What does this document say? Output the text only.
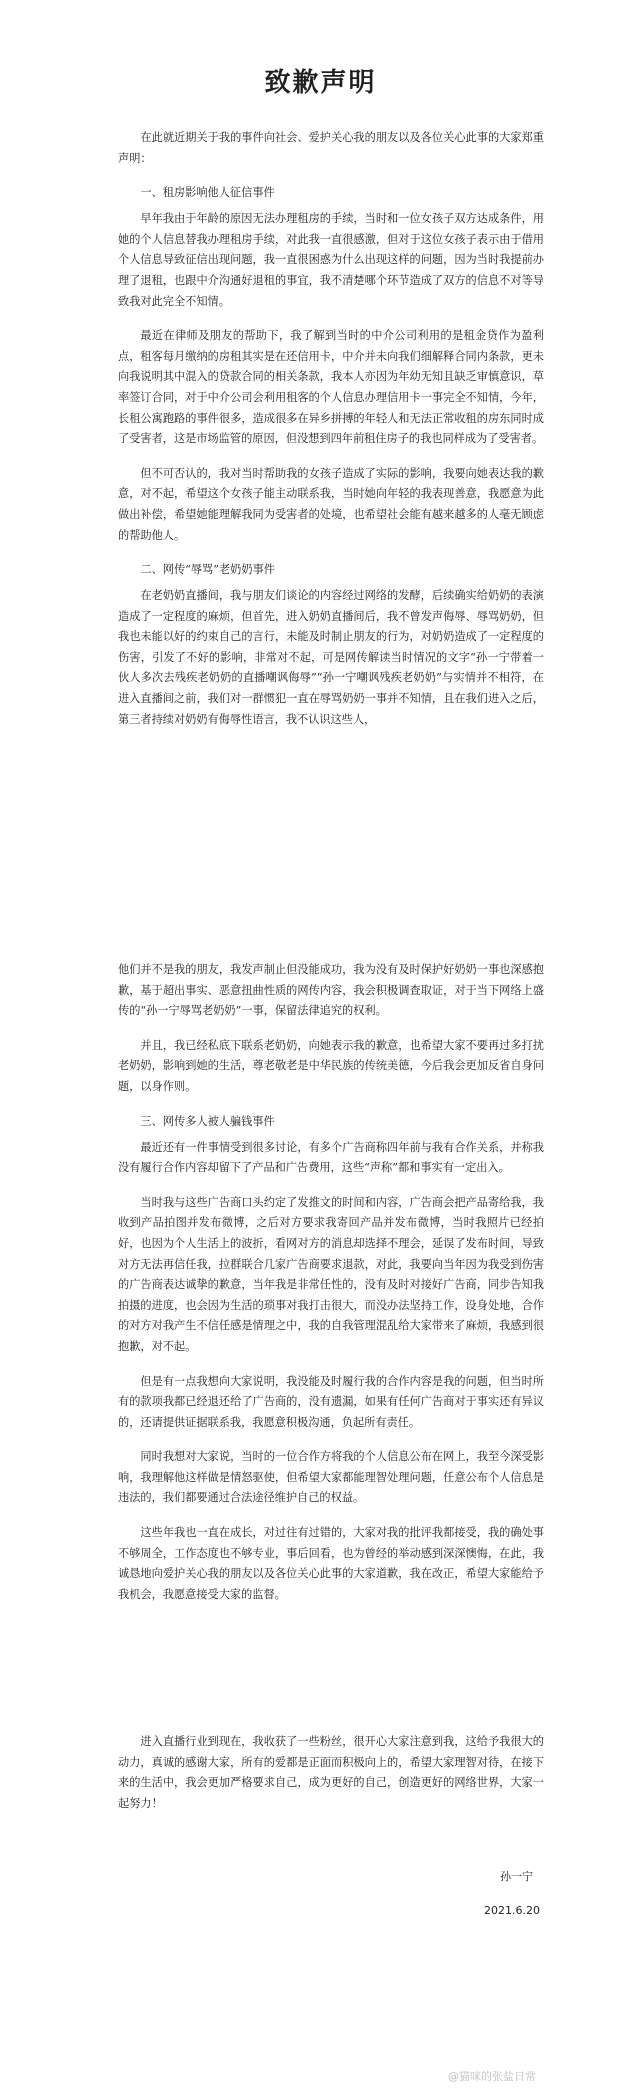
致歉声明

在此就近期关于我的事件向社会、爱护关心我的朋友以及各位关心此事的大家郑重声明：

一、租房影响他人征信事件

早年我由于年龄的原因无法办理租房的手续，当时和一位女孩子双方达成条件，用她的个人信息替我办理租房手续，对此我一直很感激，但对于这位女孩子表示由于借用个人信息导致征信出现问题，我一直很困惑为什么出现这样的问题，因为当时我提前办理了退租，也跟中介沟通好退租的事宜，我不清楚哪个环节造成了双方的信息不对等导致我对此完全不知情。

最近在律师及朋友的帮助下，我了解到当时的中介公司利用的是租金贷作为盈利点，租客每月缴纳的房租其实是在还信用卡，中介并未向我们细解释合同内条款，更未向我说明其中混入的贷款合同的相关条款，我本人亦因为年幼无知且缺乏审慎意识，草率签订合同，对于中介公司会利用租客的个人信息办理信用卡一事完全不知情，今年，长租公寓跑路的事件很多，造成很多在异乡拼搏的年轻人和无法正常收租的房东同时成了受害者，这是市场监管的原因，但没想到四年前租住房子的我也同样成为了受害者。

但不可否认的，我对当时帮助我的女孩子造成了实际的影响，我要向她表达我的歉意，对不起，希望这个女孩子能主动联系我，当时她向年轻的我表现善意，我愿意为此做出补偿，希望她能理解我同为受害者的处境，也希望社会能有越来越多的人毫无顾虑的帮助他人。

二、网传“辱骂”老奶奶事件

在老奶奶直播间，我与朋友们谈论的内容经过网络的发酵，后续确实给奶奶的表演造成了一定程度的麻烦，但首先，进入奶奶直播间后，我不曾发声侮辱、辱骂奶奶，但我也未能以好的约束自己的言行，未能及时制止朋友的行为，对奶奶造成了一定程度的伤害，引发了不好的影响，非常对不起，可是网传解读当时情况的文字“孙一宁带着一伙人多次去残疾老奶奶的直播嘲讽侮辱”“孙一宁嘲讽残疾老奶奶”与实情并不相符，在进入直播间之前，我们对一群惯犯一直在辱骂奶奶一事并不知情，且在我们进入之后，第三者持续对奶奶有侮辱性语言，我不认识这些人，

他们并不是我的朋友，我发声制止但没能成功，我为没有及时保护好奶奶一事也深感抱歉，基于超出事实、恶意扭曲性质的网传内容，我会积极调查取证，对于当下网络上盛传的“孙一宁辱骂老奶奶”一事，保留法律追究的权利。

并且，我已经私底下联系老奶奶，向她表示我的歉意，也希望大家不要再过多打扰老奶奶，影响到她的生活，尊老敬老是中华民族的传统美德，今后我会更加反省自身问题，以身作则。

三、网传多人被人骗钱事件

最近还有一件事情受到很多讨论，有多个广告商称四年前与我有合作关系，并称我没有履行合作内容却留下了产品和广告费用，这些“声称”都和事实有一定出入。

当时我与这些广告商口头约定了发推文的时间和内容，广告商会把产品寄给我，我收到产品拍图并发布微博，之后对方要求我寄回产品并发布微博，当时我照片已经拍好，也因为个人生活上的波折，看网对方的消息却选择不理会，延误了发布时间，导致对方无法再信任我，拉群联合几家广告商要求退款，对此，我要向当年因为我受到伤害的广告商表达诚挚的歉意，当年我是非常任性的，没有及时对接好广告商，同步告知我拍摄的进度，也会因为生活的琐事对我打击很大，而没办法坚持工作，设身处地，合作的对方对我产生不信任感是情理之中，我的自我管理混乱给大家带来了麻烦，我感到很抱歉，对不起。

但是有一点我想向大家说明，我没能及时履行我的合作内容是我的问题，但当时所有的款项我都已经退还给了广告商的，没有遗漏，如果有任何广告商对于事实还有异议的，还请提供证据联系我，我愿意积极沟通，负起所有责任。

同时我想对大家说，当时的一位合作方将我的个人信息公布在网上，我至今深受影响，我理解他这样做是情怒驱使，但希望大家都能理智处理问题，任意公布个人信息是违法的，我们都要通过合法途径维护自己的权益。

这些年我也一直在成长，对过往有过错的，大家对我的批评我都接受，我的确处事不够周全，工作态度也不够专业，事后回看，也为曾经的举动感到深深懊悔，在此，我诚恳地向爱护关心我的朋友以及各位关心此事的大家道歉，我在改正，希望大家能给予我机会，我愿意接受大家的监督。

进入直播行业到现在，我收获了一些粉丝，很开心大家注意到我，这给予我很大的动力，真诚的感谢大家，所有的爱都是正面而积极向上的，希望大家理智对待，在接下来的生活中，我会更加严格要求自己，成为更好的自己，创造更好的网络世界，大家一起努力！

孙一宁
2021.6.20
@猫咪的张盐日常
